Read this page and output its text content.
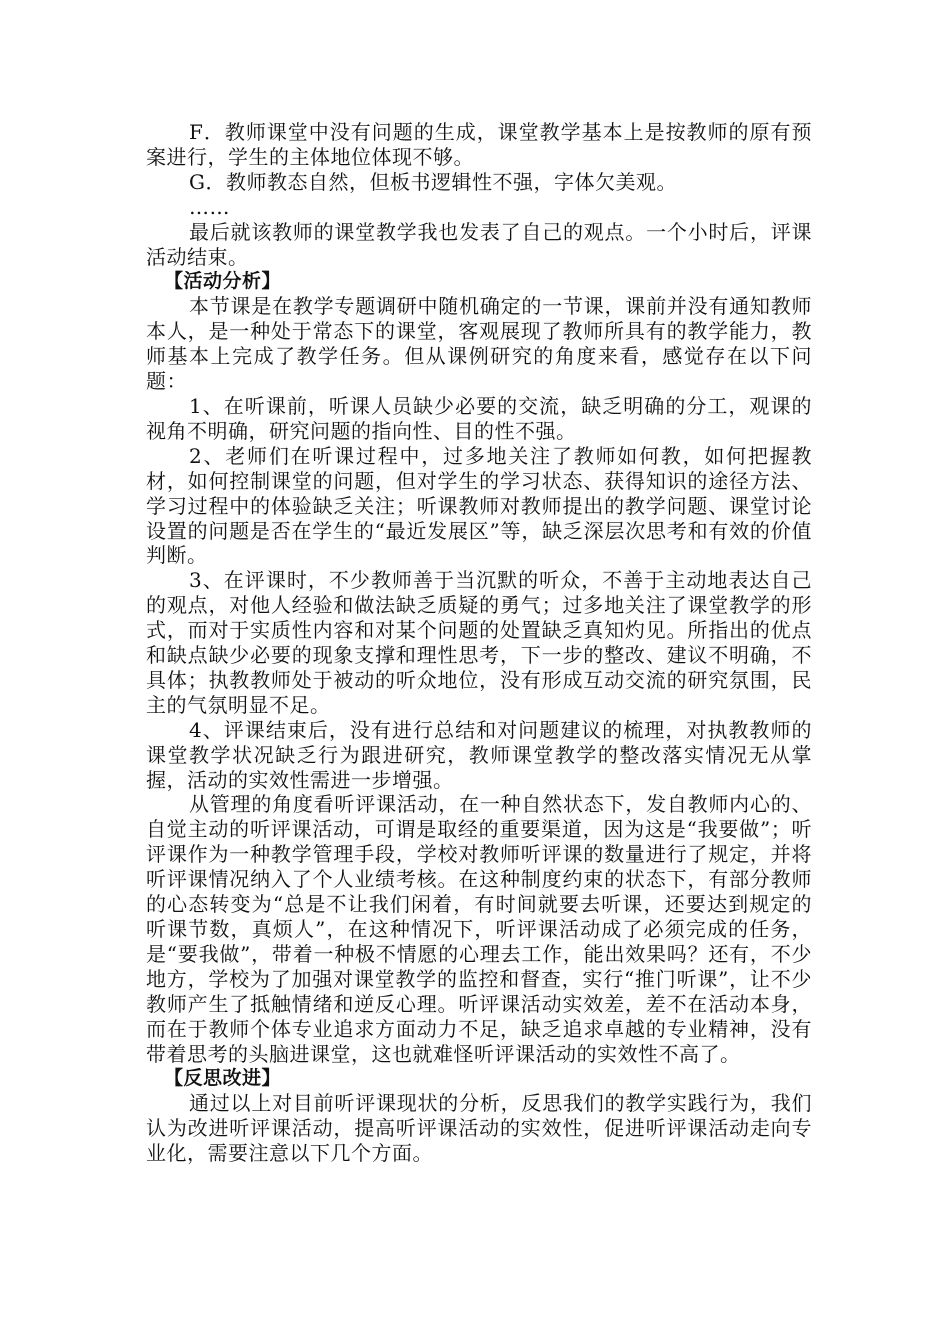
F．教师课堂中没有问题的生成，课堂教学基本上是按教师的原有预案进行，学生的主体地位体现不够。

G．教师教态自然，但板书逻辑性不强，字体欠美观。

……

最后就该教师的课堂教学我也发表了自己的观点。一个小时后，评课活动结束。

【活动分析】

本节课是在教学专题调研中随机确定的一节课，课前并没有通知教师本人，是一种处于常态下的课堂，客观展现了教师所具有的教学能力，教师基本上完成了教学任务。但从课例研究的角度来看，感觉存在以下问题：

1、在听课前，听课人员缺少必要的交流，缺乏明确的分工，观课的视角不明确，研究问题的指向性、目的性不强。

2、老师们在听课过程中，过多地关注了教师如何教，如何把握教材，如何控制课堂的问题，但对学生的学习状态、获得知识的途径方法、学习过程中的体验缺乏关注；听课教师对教师提出的教学问题、课堂讨论设置的问题是否在学生的“最近发展区”等，缺乏深层次思考和有效的价值判断。

3、在评课时，不少教师善于当沉默的听众，不善于主动地表达自己的观点，对他人经验和做法缺乏质疑的勇气；过多地关注了课堂教学的形式，而对于实质性内容和对某个问题的处置缺乏真知灼见。所指出的优点和缺点缺少必要的现象支撑和理性思考，下一步的整改、建议不明确，不具体；执教教师处于被动的听众地位，没有形成互动交流的研究氛围，民主的气氛明显不足。

4、评课结束后，没有进行总结和对问题建议的梳理，对执教教师的课堂教学状况缺乏行为跟进研究，教师课堂教学的整改落实情况无从掌握，活动的实效性需进一步增强。

从管理的角度看听评课活动，在一种自然状态下，发自教师内心的、自觉主动的听评课活动，可谓是取经的重要渠道，因为这是“我要做”；听评课作为一种教学管理手段，学校对教师听评课的数量进行了规定，并将听评课情况纳入了个人业绩考核。在这种制度约束的状态下，有部分教师的心态转变为“总是不让我们闲着，有时间就要去听课，还要达到规定的听课节数，真烦人”，在这种情况下，听评课活动成了必须完成的任务，是“要我做”，带着一种极不情愿的心理去工作，能出效果吗？还有，不少地方，学校为了加强对课堂教学的监控和督查，实行“推门听课”，让不少教师产生了抵触情绪和逆反心理。听评课活动实效差，差不在活动本身，而在于教师个体专业追求方面动力不足，缺乏追求卓越的专业精神，没有带着思考的头脑进课堂，这也就难怪听评课活动的实效性不高了。

【反思改进】

通过以上对目前听评课现状的分析，反思我们的教学实践行为，我们认为改进听评课活动，提高听评课活动的实效性，促进听评课活动走向专业化，需要注意以下几个方面。
